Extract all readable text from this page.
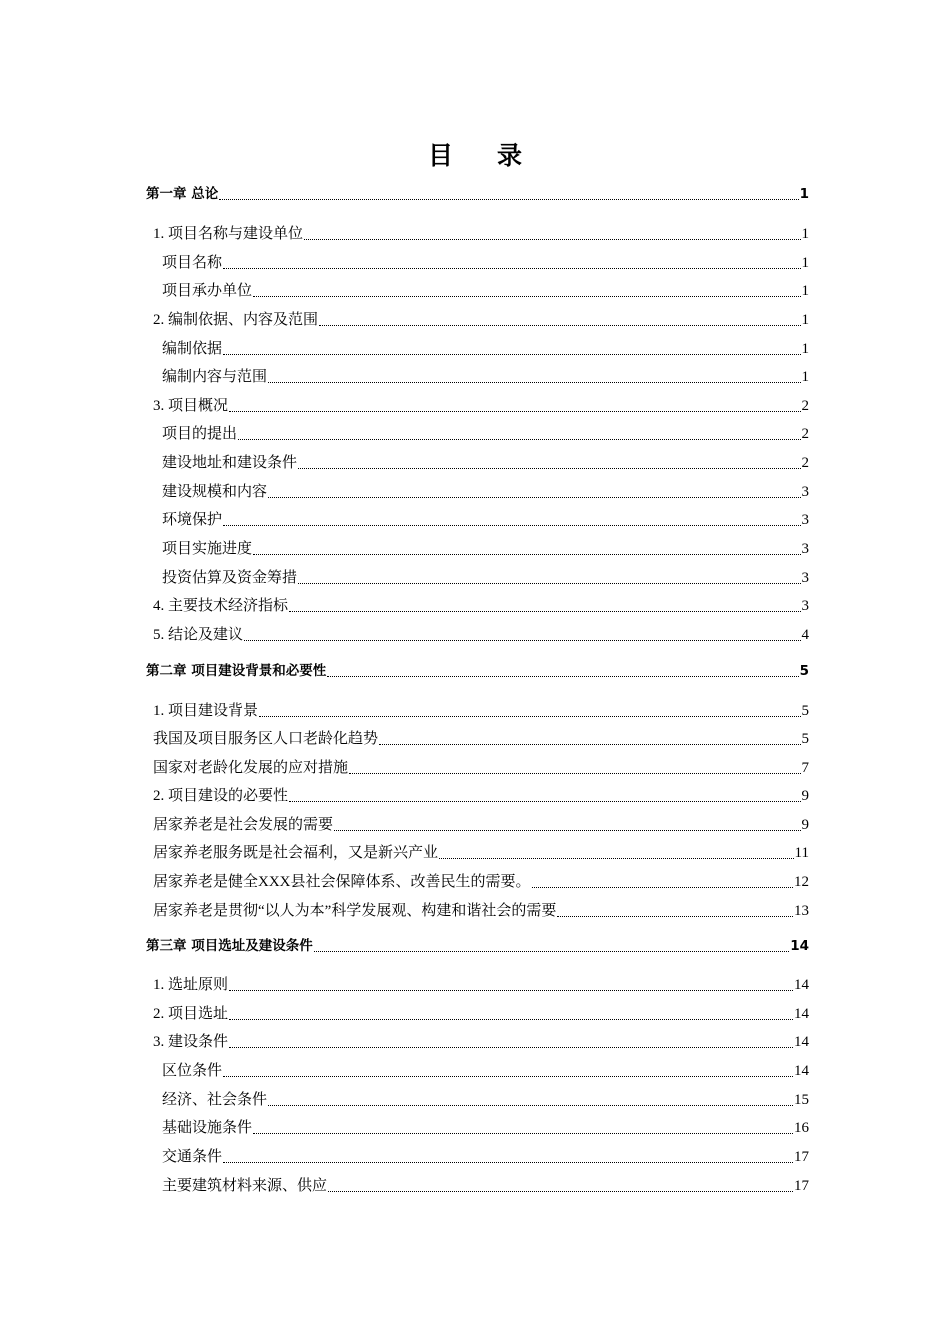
目录
第一章 总论	1
1. 项目名称与建设单位	1
项目名称	1
项目承办单位	1
2. 编制依据、内容及范围	1
编制依据	1
编制内容与范围	1
3. 项目概况	2
项目的提出	2
建设地址和建设条件	2
建设规模和内容	3
环境保护	3
项目实施进度	3
投资估算及资金筹措	3
4. 主要技术经济指标	3
5. 结论及建议	4
第二章 项目建设背景和必要性	5
1. 项目建设背景	5
我国及项目服务区人口老龄化趋势	5
国家对老龄化发展的应对措施	7
2. 项目建设的必要性	9
居家养老是社会发展的需要	9
居家养老服务既是社会福利，又是新兴产业	11
居家养老是健全XXX县社会保障体系、改善民生的需要。	12
居家养老是贯彻“以人为本”科学发展观、构建和谐社会的需要	13
第三章 项目选址及建设条件	14
1. 选址原则	14
2. 项目选址	14
3. 建设条件	14
区位条件	14
经济、社会条件	15
基础设施条件	16
交通条件	17
主要建筑材料来源、供应	17
